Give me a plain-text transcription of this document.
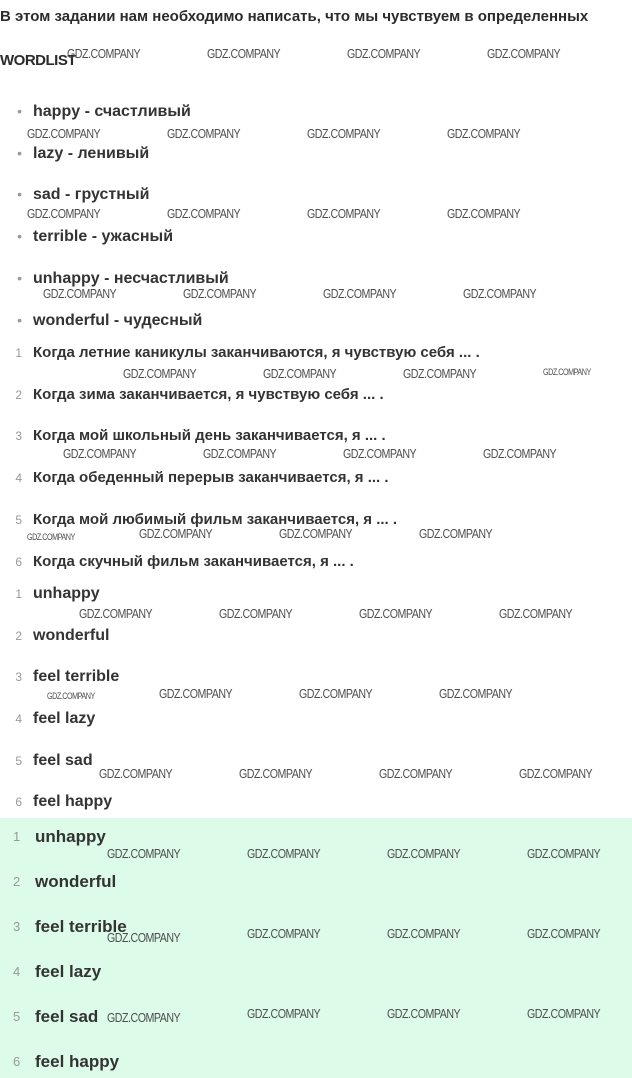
В этом задании нам необходимо написать, что мы чувствуем в определенных
WORDLIST
• happy - счастливый
• lazy - ленивый
• sad - грустный
• terrible - ужасный
• unhappy - несчастливый
• wonderful - чудесный
1 Когда летние каникулы заканчиваются, я чувствую себя ... .
2 Когда зима заканчивается, я чувствую себя ... .
3 Когда мой школьный день заканчивается, я ... .
4 Когда обеденный перерыв заканчивается, я ... .
5 Когда мой любимый фильм заканчивается, я ... .
6 Когда скучный фильм заканчивается, я ... .
1 unhappy
2 wonderful
3 feel terrible
4 feel lazy
5 feel sad
6 feel happy
1 unhappy
2 wonderful
3 feel terrible
4 feel lazy
5 feel sad
6 feel happy
GDZ.COMPANY	GDZ.COMPANY	GDZ.COMPANY	GDZ.COMPANY
GDZ.COMPANY	GDZ.COMPANY	GDZ.COMPANY	GDZ.COMPANY
GDZ.COMPANY	GDZ.COMPANY	GDZ.COMPANY	GDZ.COMPANY
GDZ.COMPANY	GDZ.COMPANY	GDZ.COMPANY	GDZ.COMPANY
GDZ.COMPANY	GDZ.COMPANY	GDZ.COMPANY	GDZ.COMPANY
GDZ.COMPANY	GDZ.COMPANY	GDZ.COMPANY	GDZ.COMPANY
GDZ.COMPANY	GDZ.COMPANY	GDZ.COMPANY	GDZ.COMPANY
GDZ.COMPANY	GDZ.COMPANY	GDZ.COMPANY	GDZ.COMPANY
GDZ.COMPANY	GDZ.COMPANY	GDZ.COMPANY	GDZ.COMPANY
GDZ.COMPANY	GDZ.COMPANY	GDZ.COMPANY	GDZ.COMPANY
GDZ.COMPANY	GDZ.COMPANY	GDZ.COMPANY	GDZ.COMPANY
GDZ.COMPANY	GDZ.COMPANY	GDZ.COMPANY	GDZ.COMPANY
GDZ.COMPANY	GDZ.COMPANY	GDZ.COMPANY	GDZ.COMPANY
